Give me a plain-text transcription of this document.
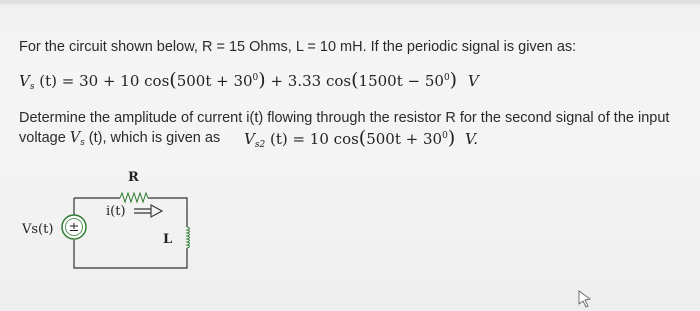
For the circuit shown below, R = 15 Ohms, L = 10 mH. If the periodic signal is given as:
$V_s$ (t) = 30 + 10 $\cos(500t + 30^0) + 3.33$ $\cos(1500t - 50^0)$ V
Determine the amplitude of current i(t) flowing through the resistor R for the second signal of the input
voltage $V_s$ (t), which is given as $V_{s2}$ (t) = 10 $\cos(500t + 30^0)$ V.
±
R
i(t)
L
Vs(t)
